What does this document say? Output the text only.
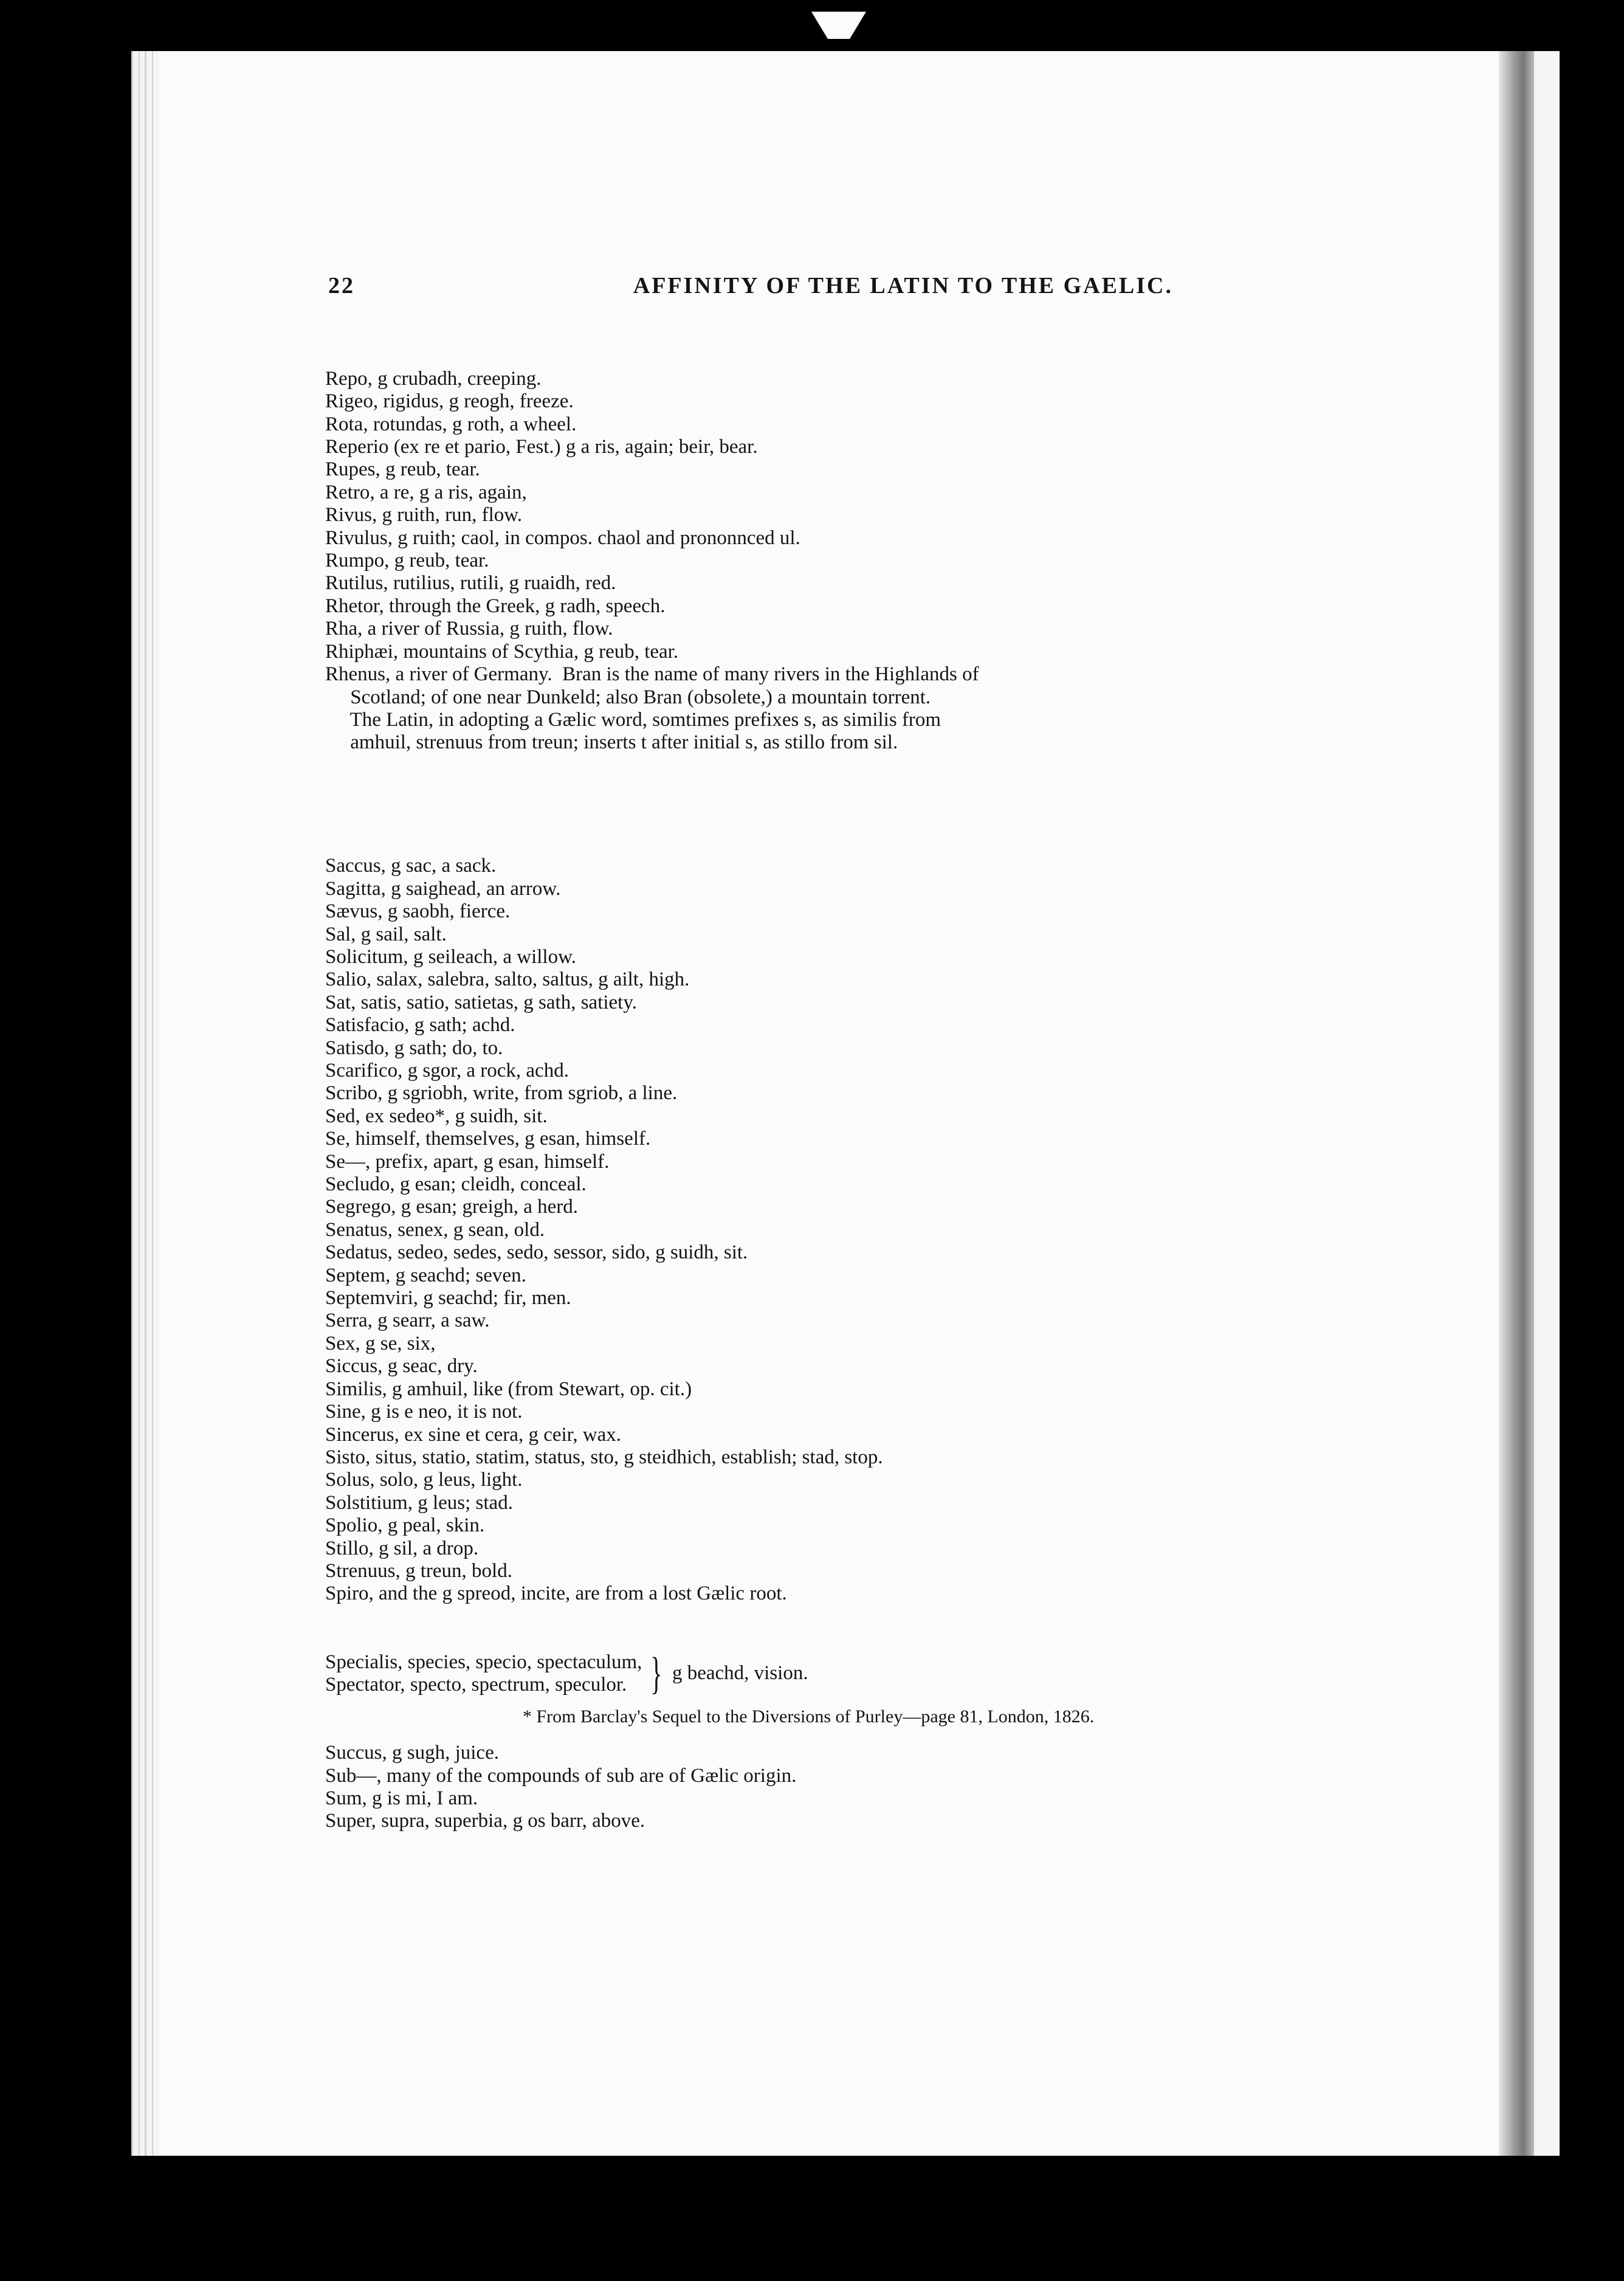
22	AFFINITY OF THE LATIN TO THE GAELIC.

Repo, g crubadh, creeping.
Rigeo, rigidus, g reogh, freeze.
Rota, rotundas, g roth, a wheel.
Reperio (ex re et pario, Fest.) g a ris, again; beir, bear.
Rupes, g reub, tear.
Retro, a re, g a ris, again,
Rivus, g ruith, run, flow.
Rivulus, g ruith; caol, in compos. chaol and prononnced ul.
Rumpo, g reub, tear.
Rutilus, rutilius, rutili, g ruaidh, red.
Rhetor, through the Greek, g radh, speech.
Rha, a river of Russia, g ruith, flow.
Rhiphæi, mountains of Scythia, g reub, tear.
Rhenus, a river of Germany.  Bran is the name of many rivers in the Highlands of
Scotland; of one near Dunkeld; also Bran (obsolete,) a mountain torrent.
The Latin, in adopting a Gælic word, somtimes prefixes s, as similis from
amhuil, strenuus from treun; inserts t after initial s, as stillo from sil.

Saccus, g sac, a sack.
Sagitta, g saighead, an arrow.
Sævus, g saobh, fierce.
Sal, g sail, salt.
Solicitum, g seileach, a willow.
Salio, salax, salebra, salto, saltus, g ailt, high.
Sat, satis, satio, satietas, g sath, satiety.
Satisfacio, g sath; achd.
Satisdo, g sath; do, to.
Scarifico, g sgor, a rock, achd.
Scribo, g sgriobh, write, from sgriob, a line.
Sed, ex sedeo*, g suidh, sit.
Se, himself, themselves, g esan, himself.
Se—, prefix, apart, g esan, himself.
Secludo, g esan; cleidh, conceal.
Segrego, g esan; greigh, a herd.
Senatus, senex, g sean, old.
Sedatus, sedeo, sedes, sedo, sessor, sido, g suidh, sit.
Septem, g seachd; seven.
Septemviri, g seachd; fir, men.
Serra, g searr, a saw.
Sex, g se, six,
Siccus, g seac, dry.
Similis, g amhuil, like (from Stewart, op. cit.)
Sine, g is e neo, it is not.
Sincerus, ex sine et cera, g ceir, wax.
Sisto, situs, statio, statim, status, sto, g steidhich, establish; stad, stop.
Solus, solo, g leus, light.
Solstitium, g leus; stad.
Spolio, g peal, skin.
Stillo, g sil, a drop.
Strenuus, g treun, bold.
Spiro, and the g spreod, incite, are from a lost Gælic root.

Specialis, species, specio, spectaculum,
Spectator, specto, spectrum, speculor. } g beachd, vision.

Succus, g sugh, juice.
Sub—, many of the compounds of sub are of Gælic origin.
Sum, g is mi, I am.
Super, supra, superbia, g os barr, above.

* From Barclay's Sequel to the Diversions of Purley—page 81, London, 1826.
